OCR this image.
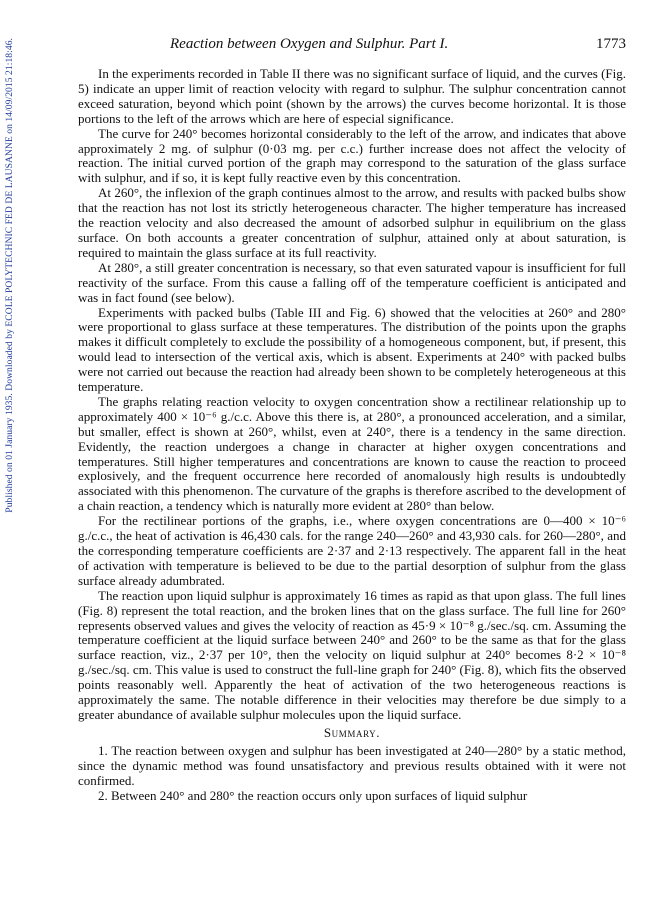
Published on 01 January 1935. Downloaded by ECOLE POLYTECHNIC FED DE LAUSANNE on 14/09/2015 21:18:46.	Reaction between Oxygen and Sulphur. Part I.	1773

In the experiments recorded in Table II there was no significant surface of liquid, and the curves (Fig. 5) indicate an upper limit of reaction velocity with regard to sulphur. The sulphur concentration cannot exceed saturation, beyond which point (shown by the arrows) the curves become horizontal. It is those portions to the left of the arrows which are here of especial significance.

The curve for 240° becomes horizontal considerably to the left of the arrow, and indicates that above approximately 2 mg. of sulphur (0·03 mg. per c.c.) further increase does not affect the velocity of reaction. The initial curved portion of the graph may correspond to the saturation of the glass surface with sulphur, and if so, it is kept fully reactive even by this concentration.

At 260°, the inflexion of the graph continues almost to the arrow, and results with packed bulbs show that the reaction has not lost its strictly heterogeneous character. The higher temperature has increased the reaction velocity and also decreased the amount of adsorbed sulphur in equilibrium on the glass surface. On both accounts a greater concentration of sulphur, attained only at about saturation, is required to maintain the glass surface at its full reactivity.

At 280°, a still greater concentration is necessary, so that even saturated vapour is insufficient for full reactivity of the surface. From this cause a falling off of the temperature coefficient is anticipated and was in fact found (see below).

Experiments with packed bulbs (Table III and Fig. 6) showed that the velocities at 260° and 280° were proportional to glass surface at these temperatures. The distribution of the points upon the graphs makes it difficult completely to exclude the possibility of a homogeneous component, but, if present, this would lead to intersection of the vertical axis, which is absent. Experiments at 240° with packed bulbs were not carried out because the reaction had already been shown to be completely heterogeneous at this temperature.

The graphs relating reaction velocity to oxygen concentration show a rectilinear relationship up to approximately 400 × 10⁻⁶ g./c.c. Above this there is, at 280°, a pronounced acceleration, and a similar, but smaller, effect is shown at 260°, whilst, even at 240°, there is a tendency in the same direction. Evidently, the reaction undergoes a change in character at higher oxygen concentrations and temperatures. Still higher temperatures and concentrations are known to cause the reaction to proceed explosively, and the frequent occurrence here recorded of anomalously high results is undoubtedly associated with this phenomenon. The curvature of the graphs is therefore ascribed to the development of a chain reaction, a tendency which is naturally more evident at 280° than below.

For the rectilinear portions of the graphs, i.e., where oxygen concentrations are 0—400 × 10⁻⁶ g./c.c., the heat of activation is 46,430 cals. for the range 240—260° and 43,930 cals. for 260—280°, and the corresponding temperature coefficients are 2·37 and 2·13 respectively. The apparent fall in the heat of activation with temperature is believed to be due to the partial desorption of sulphur from the glass surface already adumbrated.

The reaction upon liquid sulphur is approximately 16 times as rapid as that upon glass. The full lines (Fig. 8) represent the total reaction, and the broken lines that on the glass surface. The full line for 260° represents observed values and gives the velocity of reaction as 45·9 × 10⁻⁸ g./sec./sq. cm. Assuming the temperature coefficient at the liquid surface between 240° and 260° to be the same as that for the glass surface reaction, viz., 2·37 per 10°, then the velocity on liquid sulphur at 240° becomes 8·2 × 10⁻⁸ g./sec./sq. cm. This value is used to construct the full-line graph for 240° (Fig. 8), which fits the observed points reasonably well. Apparently the heat of activation of the two heterogeneous reactions is approximately the same. The notable difference in their velocities may therefore be due simply to a greater abundance of available sulphur molecules upon the liquid surface.

Summary.

1. The reaction between oxygen and sulphur has been investigated at 240—280° by a static method, since the dynamic method was found unsatisfactory and previous results obtained with it were not confirmed.

2. Between 240° and 280° the reaction occurs only upon surfaces of liquid sulphur
